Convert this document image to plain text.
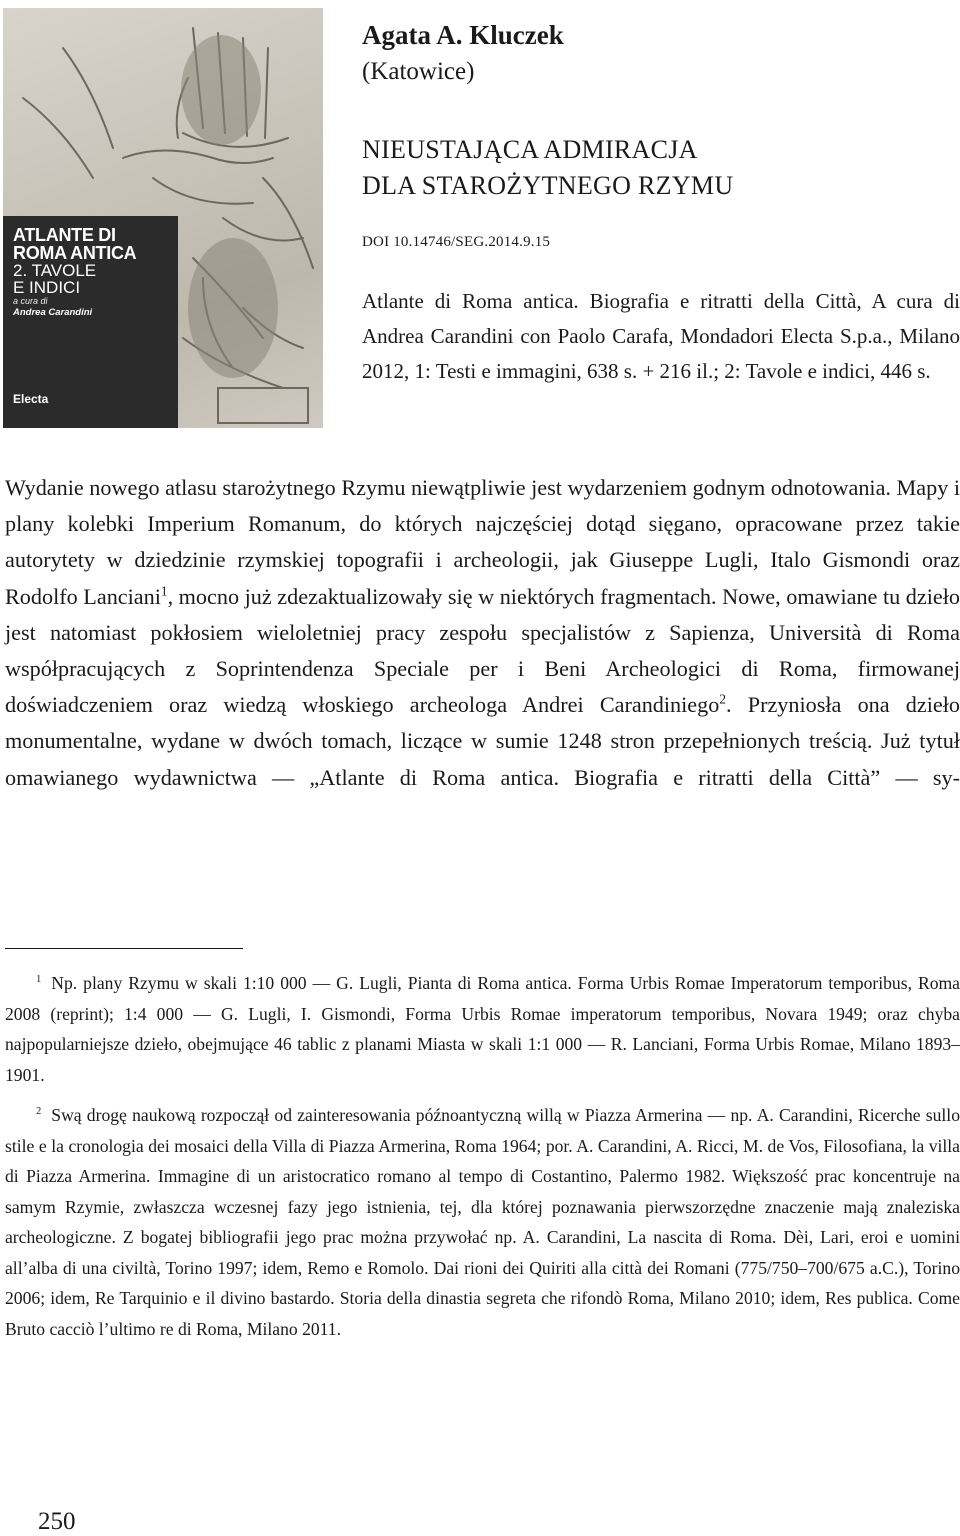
ATLANTE DI
ROMA ANTICA
2. TAVOLE
E INDICI
a cura di
Andrea Carandini
Electa
Agata A. Kluczek
(Katowice)
NIEUSTAJĄCA ADMIRACJA
DLA STAROŻYTNEGO RZYMU
DOI 10.14746/SEG.2014.9.15
Atlante di Roma antica. Biografia e ritratti della Città, A cura di Andrea Carandini con Paolo Carafa, Mondadori Electa S.p.a., Milano 2012, 1: Testi e immagini, 638 s. + 216 il.; 2: Tavole e indici, 446 s.

Wydanie nowego atlasu starożytnego Rzymu niewątpliwie jest wydarzeniem godnym odnotowania. Mapy i plany kolebki Imperium Romanum, do których najczęściej dotąd sięgano, opracowane przez takie autorytety w dziedzinie rzymskiej topografii i archeologii, jak Giuseppe Lugli, Italo Gismondi oraz Rodolfo Lanciani$^1$, mocno już zdezaktualizowały się w niektórych fragmentach. Nowe, omawiane tu dzieło jest natomiast pokłosiem wieloletniej pracy zespołu specjalistów z Sapienza, Università di Roma współpracujących z Soprintendenza Speciale per i Beni Archeologici di Roma, firmowanej doświadczeniem oraz wiedzą włoskiego archeologa Andrei Carandiniego$^2$. Przyniosła ona dzieło monumentalne, wydane w dwóch tomach, liczące w sumie 1248 stron przepełnionych treścią. Już tytuł omawianego wydawnictwa — „Atlante di Roma antica. Biografia e ritratti della Città” — sy-

$^1$ Np. plany Rzymu w skali 1:10 000 — G. Lugli, Pianta di Roma antica. Forma Urbis Romae Imperatorum temporibus, Roma 2008 (reprint); 1:4 000 — G. Lugli, I. Gismondi, Forma Urbis Romae imperatorum temporibus, Novara 1949; oraz chyba najpopularniejsze dzieło, obejmujące 46 tablic z planami Miasta w skali 1:1 000 — R. Lanciani, Forma Urbis Romae, Milano 1893–1901.

$^2$ Swą drogę naukową rozpoczął od zainteresowania późnoantyczną willą w Piazza Armerina — np. A. Carandini, Ricerche sullo stile e la cronologia dei mosaici della Villa di Piazza Armerina, Roma 1964; por. A. Carandini, A. Ricci, M. de Vos, Filosofiana, la villa di Piazza Armerina. Immagine di un aristocratico romano al tempo di Costantino, Palermo 1982. Większość prac koncentruje na samym Rzymie, zwłaszcza wczesnej fazy jego istnienia, tej, dla której poznawania pierwszorzędne znaczenie mają znaleziska archeologiczne. Z bogatej bibliografii jego prac można przywołać np. A. Carandini, La nascita di Roma. Dèi, Lari, eroi e uomini all’alba di una civiltà, Torino 1997; idem, Remo e Romolo. Dai rioni dei Quiriti alla città dei Romani (775/750–700/675 a.C.), Torino 2006; idem, Re Tarquinio e il divino bastardo. Storia della dinastia segreta che rifondò Roma, Milano 2010; idem, Res publica. Come Bruto cacciò l’ultimo re di Roma, Milano 2011.

250
